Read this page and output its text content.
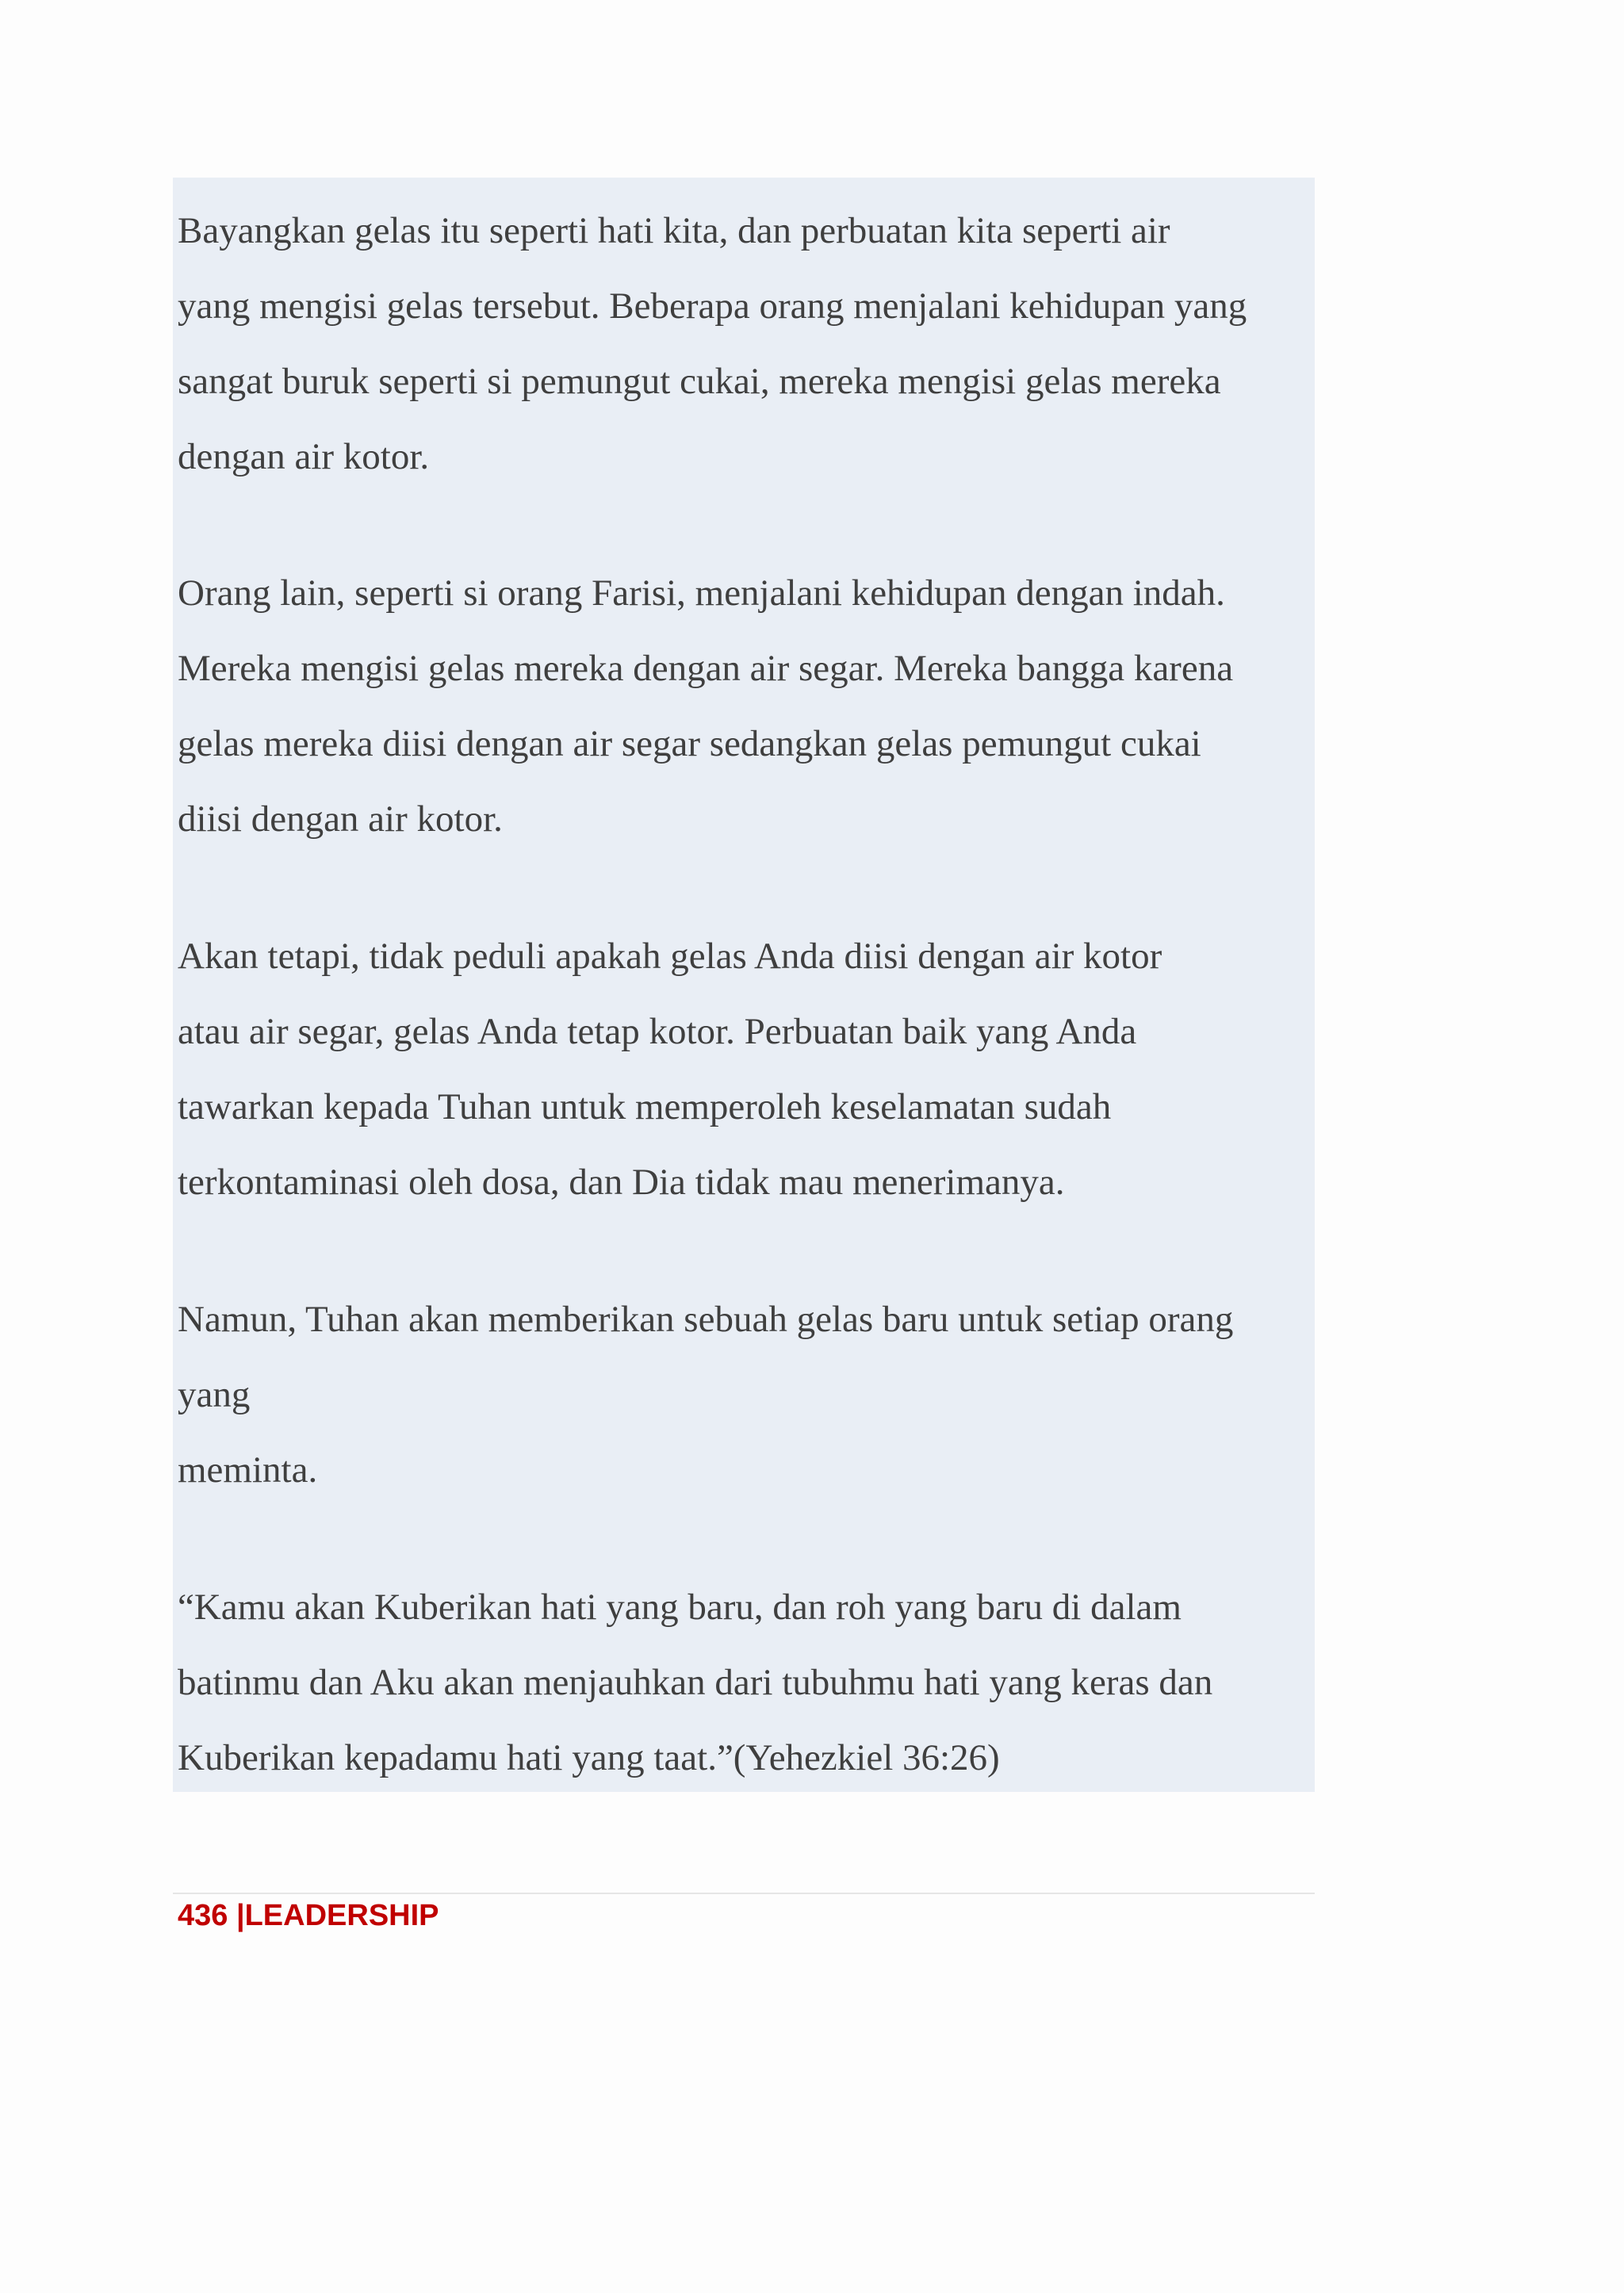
Bayangkan gelas itu seperti hati kita, dan perbuatan kita seperti air

yang mengisi gelas tersebut. Beberapa orang menjalani kehidupan yang

sangat buruk seperti si pemungut cukai, mereka mengisi gelas mereka

dengan air kotor.

Orang lain, seperti si orang Farisi, menjalani kehidupan dengan indah.

Mereka mengisi gelas mereka dengan air segar. Mereka bangga karena

gelas mereka diisi dengan air segar sedangkan gelas pemungut cukai

diisi dengan air kotor.

Akan tetapi, tidak peduli apakah gelas Anda diisi dengan air kotor

atau air segar, gelas Anda tetap kotor. Perbuatan baik yang Anda

tawarkan kepada Tuhan untuk memperoleh keselamatan sudah

terkontaminasi oleh dosa, dan Dia tidak mau menerimanya.

Namun, Tuhan akan memberikan sebuah gelas baru untuk setiap orang

yang

meminta.

“Kamu akan Kuberikan hati yang baru, dan roh yang baru di dalam

batinmu dan Aku akan menjauhkan dari tubuhmu hati yang keras dan

Kuberikan kepadamu hati yang taat.”(Yehezkiel 36:26)

436 |LEADERSHIP
